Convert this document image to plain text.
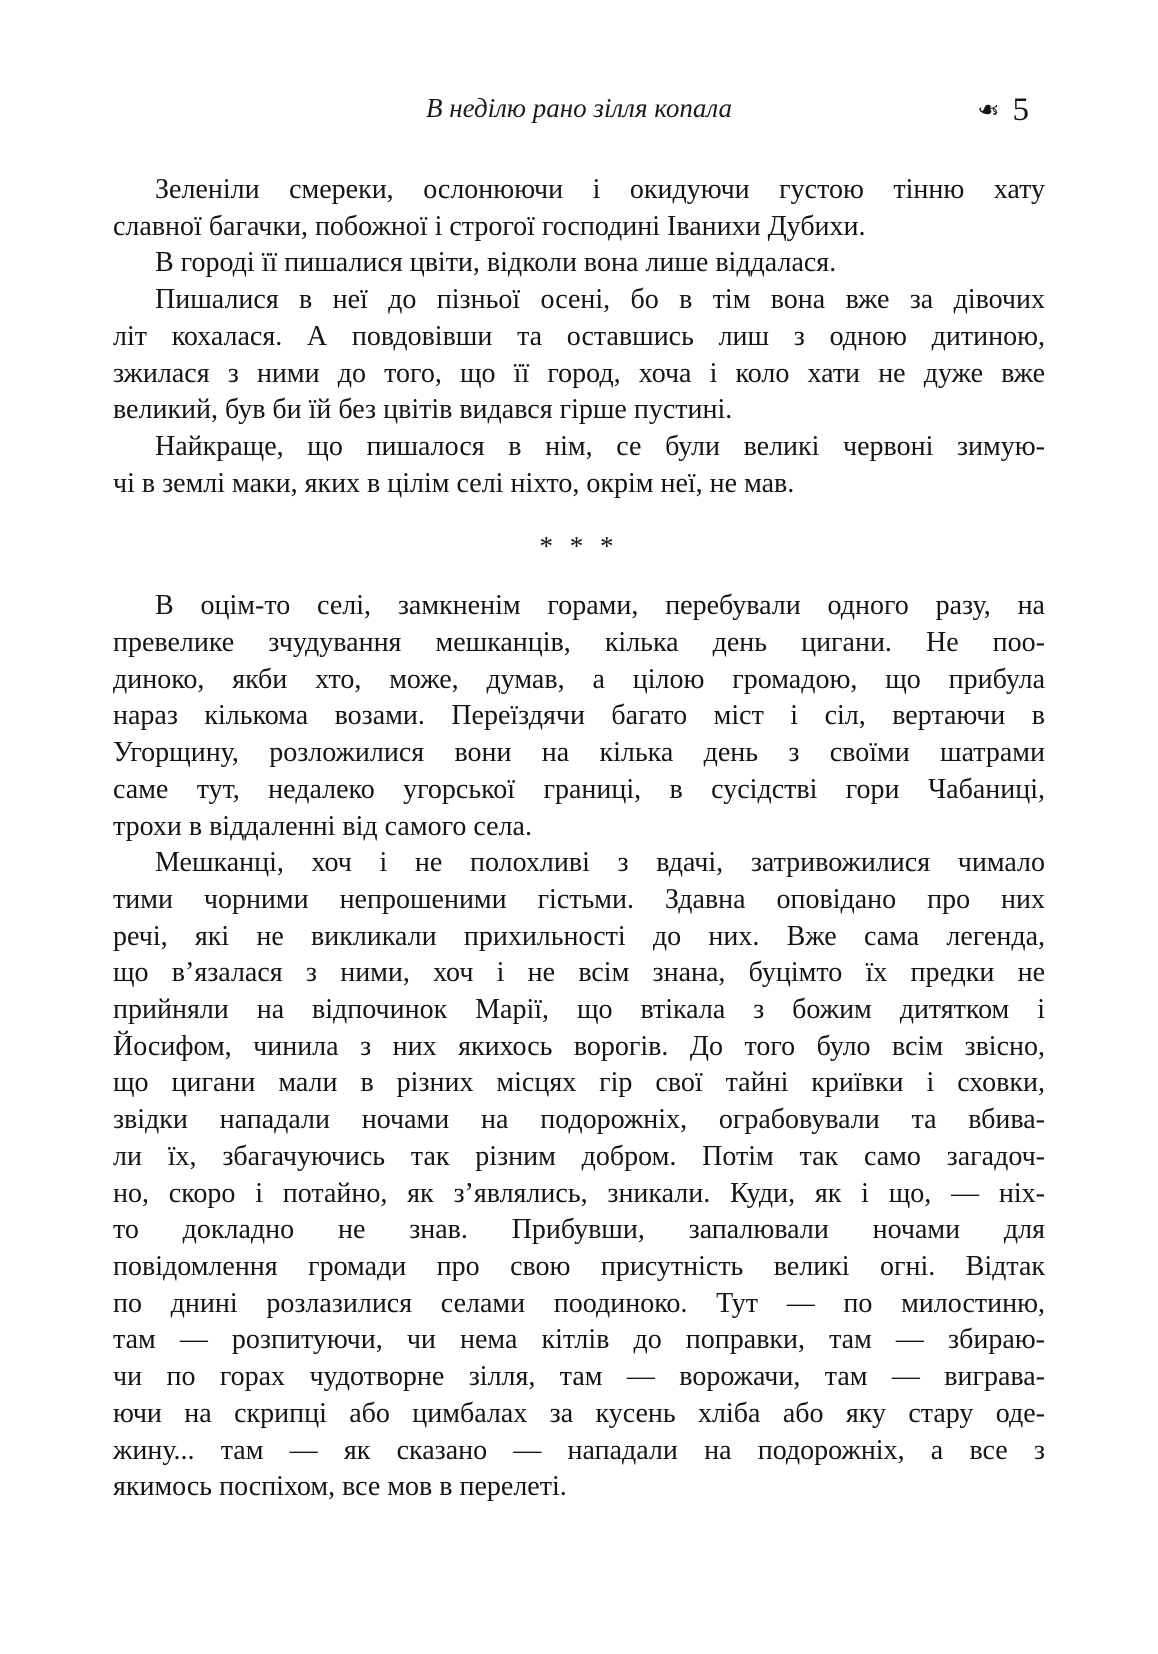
В неділю рано зілля копала	❧ 5

Зеленіли смереки, ослонюючи і окидуючи густою тінню хату
славної багачки, побожної і строгої господині Іванихи Дубихи.

В городі її пишалися цвіти, відколи вона лише віддалася.

Пишалися в неї до пізньої осені, бо в тім вона вже за дівочих
літ кохалася. А повдовівши та оставшись лиш з одною дитиною,
зжилася з ними до того, що її город, хоча і коло хати не дуже вже
великий, був би їй без цвітів видався гірше пустині.

Найкраще, що пишалося в нім, се були великі червоні зимую-
чі в землі маки, яких в цілім селі ніхто, окрім неї, не мав.

* * *

В оцім-то селі, замкненім горами, перебували одного разу, на
превелике зчудування мешканців, кілька день цигани. Не поо-
диноко, якби хто, може, думав, а цілою громадою, що прибула
нараз кількома возами. Переїздячи багато міст і сіл, вертаючи в
Угорщину, розложилися вони на кілька день з своїми шатрами
саме тут, недалеко угорської границі, в сусідстві гори Чабаниці,
трохи в віддаленні від самого села.

Мешканці, хоч і не полохливі з вдачі, затривожилися чимало
тими чорними непрошеними гістьми. Здавна оповідано про них
речі, які не викликали прихильності до них. Вже сама легенда,
що в’язалася з ними, хоч і не всім знана, буцімто їх предки не
прийняли на відпочинок Марії, що втікала з божим дитятком і
Йосифом, чинила з них якихось ворогів. До того було всім звісно,
що цигани мали в різних місцях гір свої тайні криївки і сховки,
звідки нападали ночами на подорожніх, ограбовували та вбива-
ли їх, збагачуючись так різним добром. Потім так само загадоч-
но, скоро і потайно, як з’являлись, зникали. Куди, як і що, — ніх-
то докладно не знав. Прибувши, запалювали ночами для
повідомлення громади про свою присутність великі огні. Відтак
по днині розлазилися селами поодиноко. Тут — по милостиню,
там — розпитуючи, чи нема кітлів до поправки, там — збираю-
чи по горах чудотворне зілля, там — ворожачи, там — виграва-
ючи на скрипці або цимбалах за кусень хліба або яку стару оде-
жину... там — як сказано — нападали на подорожніх, а все з
якимось поспіхом, все мов в перелеті.
